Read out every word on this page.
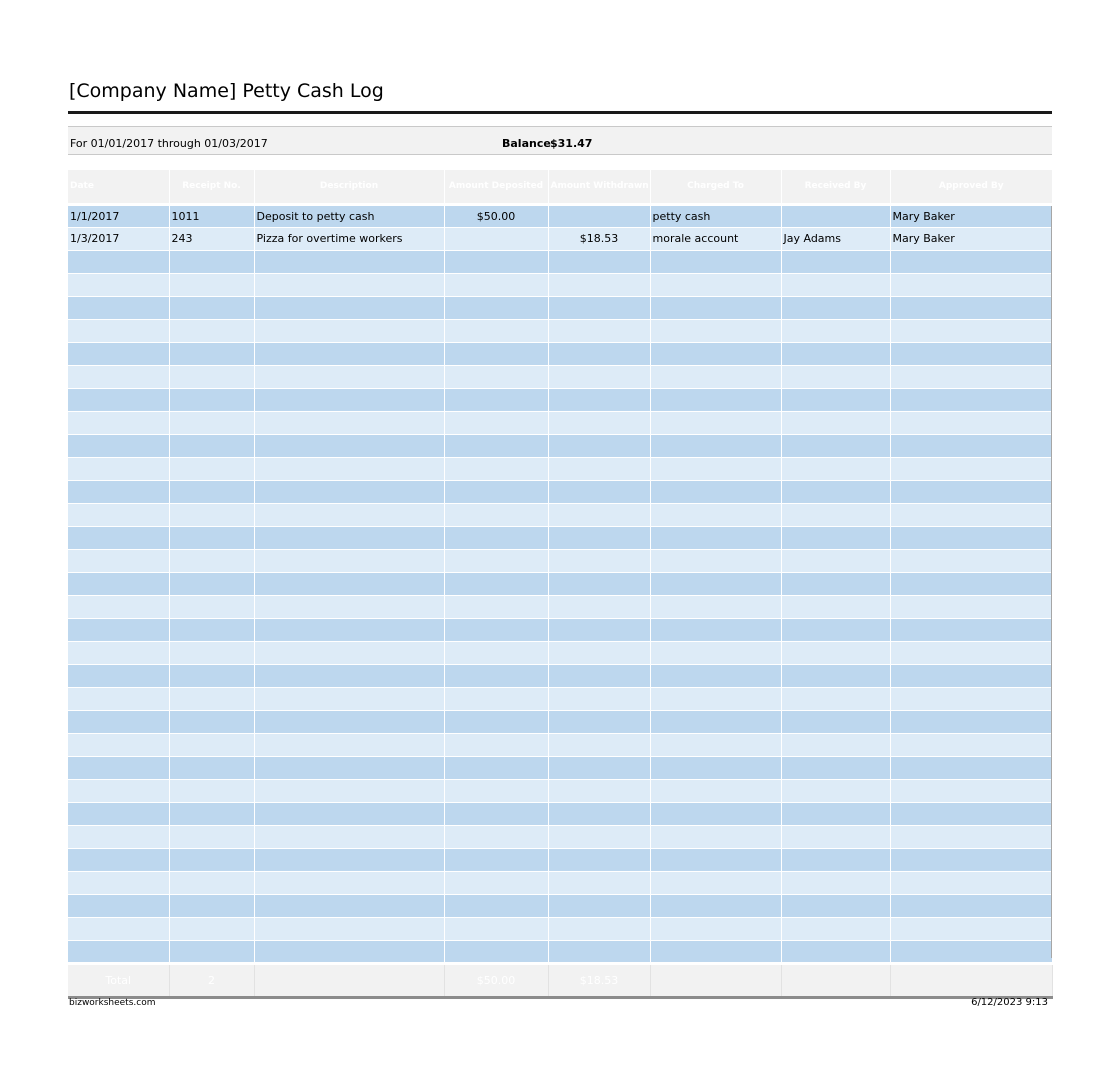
[Company Name] Petty Cash Log
For 01/01/2017 through 01/03/2017	Balance $31.47
Date	Receipt No.	Description	Amount Deposited	Amount Withdrawn	Charged To	Received By	Approved By
1/1/2017	1011	Deposit to petty cash	$50.00		petty cash		Mary Baker
1/3/2017	243	Pizza for overtime workers		$18.53	morale account	Jay Adams	Mary Baker

Total	2		$50.00	$18.53			
bizworksheets.com	6/12/2023 9:13
